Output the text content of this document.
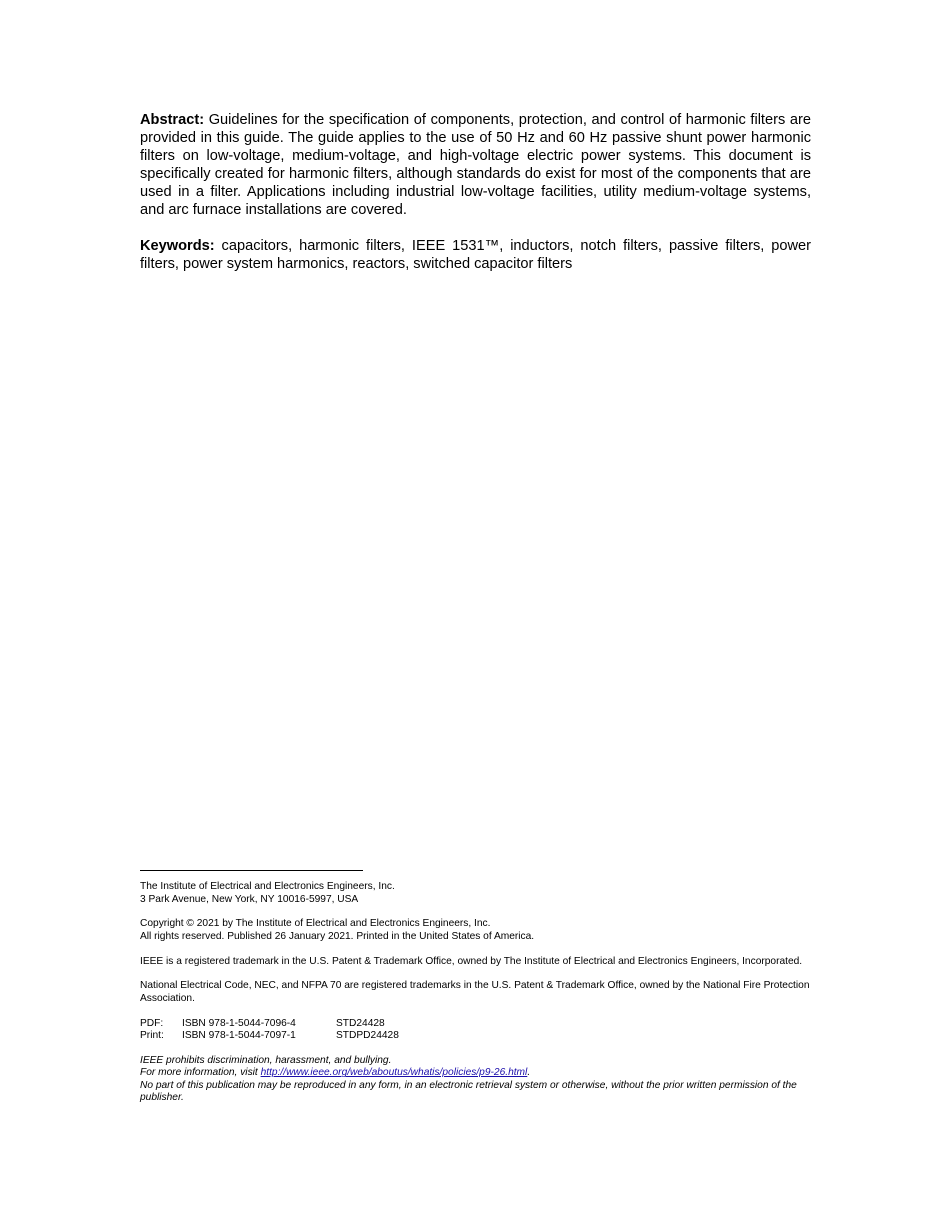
Abstract: Guidelines for the specification of components, protection, and control of harmonic filters are provided in this guide. The guide applies to the use of 50 Hz and 60 Hz passive shunt power harmonic filters on low-voltage, medium-voltage, and high-voltage electric power systems. This document is specifically created for harmonic filters, although standards do exist for most of the components that are used in a filter. Applications including industrial low-voltage facilities, utility medium-voltage systems, and arc furnace installations are covered.

Keywords: capacitors, harmonic filters, IEEE 1531™, inductors, notch filters, passive filters, power filters, power system harmonics, reactors, switched capacitor filters

The Institute of Electrical and Electronics Engineers, Inc.
3 Park Avenue, New York, NY 10016-5997, USA

Copyright © 2021 by The Institute of Electrical and Electronics Engineers, Inc.
All rights reserved. Published 26 January 2021. Printed in the United States of America.

IEEE is a registered trademark in the U.S. Patent & Trademark Office, owned by The Institute of Electrical and Electronics Engineers, Incorporated.

National Electrical Code, NEC, and NFPA 70 are registered trademarks in the U.S. Patent & Trademark Office, owned by the National Fire Protection Association.

PDF:	ISBN 978-1-5044-7096-4	STD24428
Print:	ISBN 978-1-5044-7097-1	STDPD24428

IEEE prohibits discrimination, harassment, and bullying.

For more information, visit http://www.ieee.org/web/aboutus/whatis/policies/p9-26.html.

No part of this publication may be reproduced in any form, in an electronic retrieval system or otherwise, without the prior written permission of the publisher.
